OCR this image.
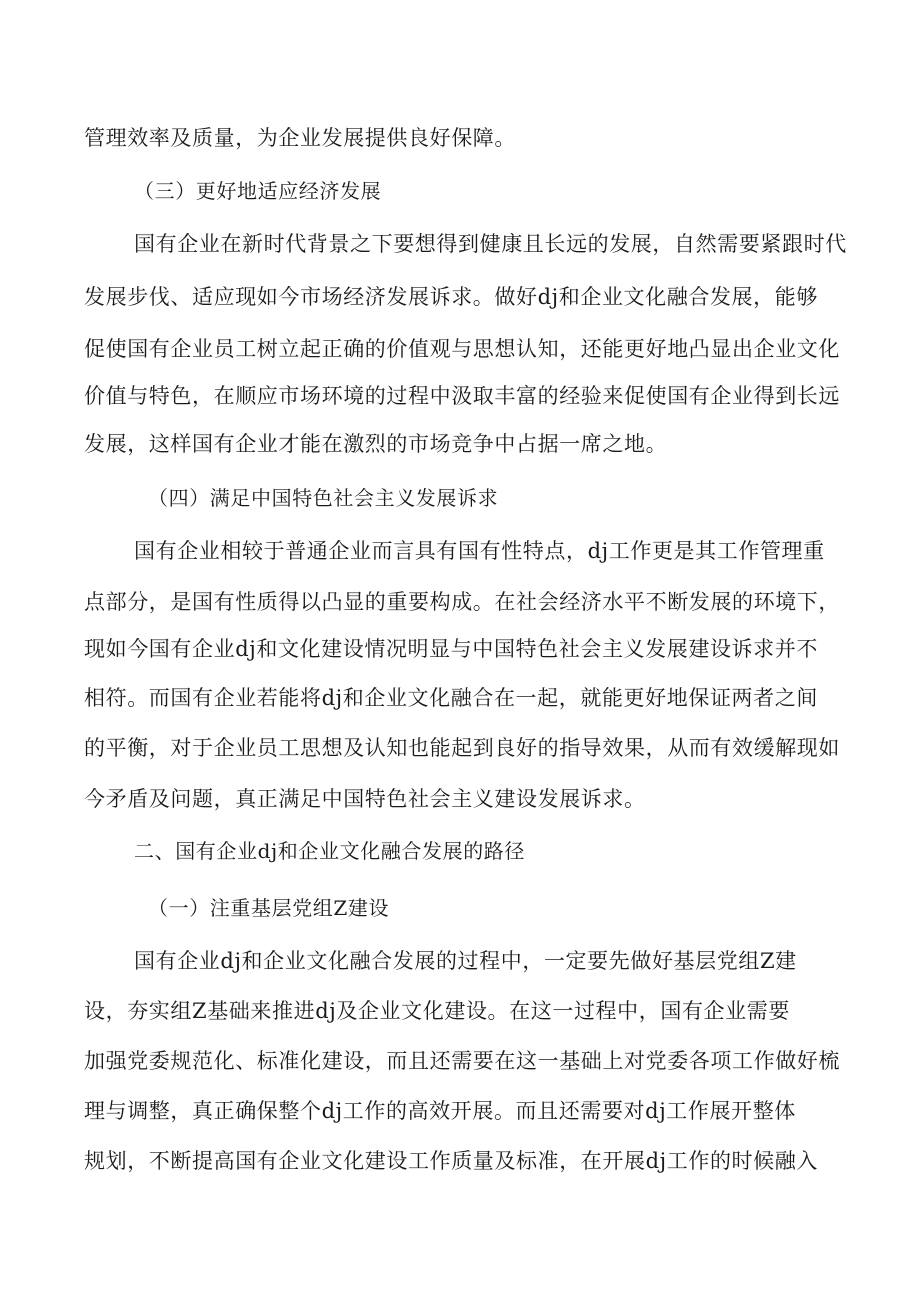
管理效率及质量，为企业发展提供良好保障。
（三）更好地适应经济发展
国有企业在新时代背景之下要想得到健康且长远的发展，自然需要紧跟时代
发展步伐、适应现如今市场经济发展诉求。做好dj和企业文化融合发展，能够
促使国有企业员工树立起正确的价值观与思想认知，还能更好地凸显出企业文化
价值与特色，在顺应市场环境的过程中汲取丰富的经验来促使国有企业得到长远
发展，这样国有企业才能在激烈的市场竞争中占据一席之地。
（四）满足中国特色社会主义发展诉求
国有企业相较于普通企业而言具有国有性特点，dj工作更是其工作管理重
点部分，是国有性质得以凸显的重要构成。在社会经济水平不断发展的环境下，
现如今国有企业dj和文化建设情况明显与中国特色社会主义发展建设诉求并不
相符。而国有企业若能将dj和企业文化融合在一起，就能更好地保证两者之间
的平衡，对于企业员工思想及认知也能起到良好的指导效果，从而有效缓解现如
今矛盾及问题，真正满足中国特色社会主义建设发展诉求。
二、国有企业dj和企业文化融合发展的路径
（一）注重基层党组Z建设
国有企业dj和企业文化融合发展的过程中，一定要先做好基层党组Z建
设，夯实组Z基础来推进dj及企业文化建设。在这一过程中，国有企业需要
加强党委规范化、标准化建设，而且还需要在这一基础上对党委各项工作做好梳
理与调整，真正确保整个dj工作的高效开展。而且还需要对dj工作展开整体
规划，不断提高国有企业文化建设工作质量及标准，在开展dj工作的时候融入
